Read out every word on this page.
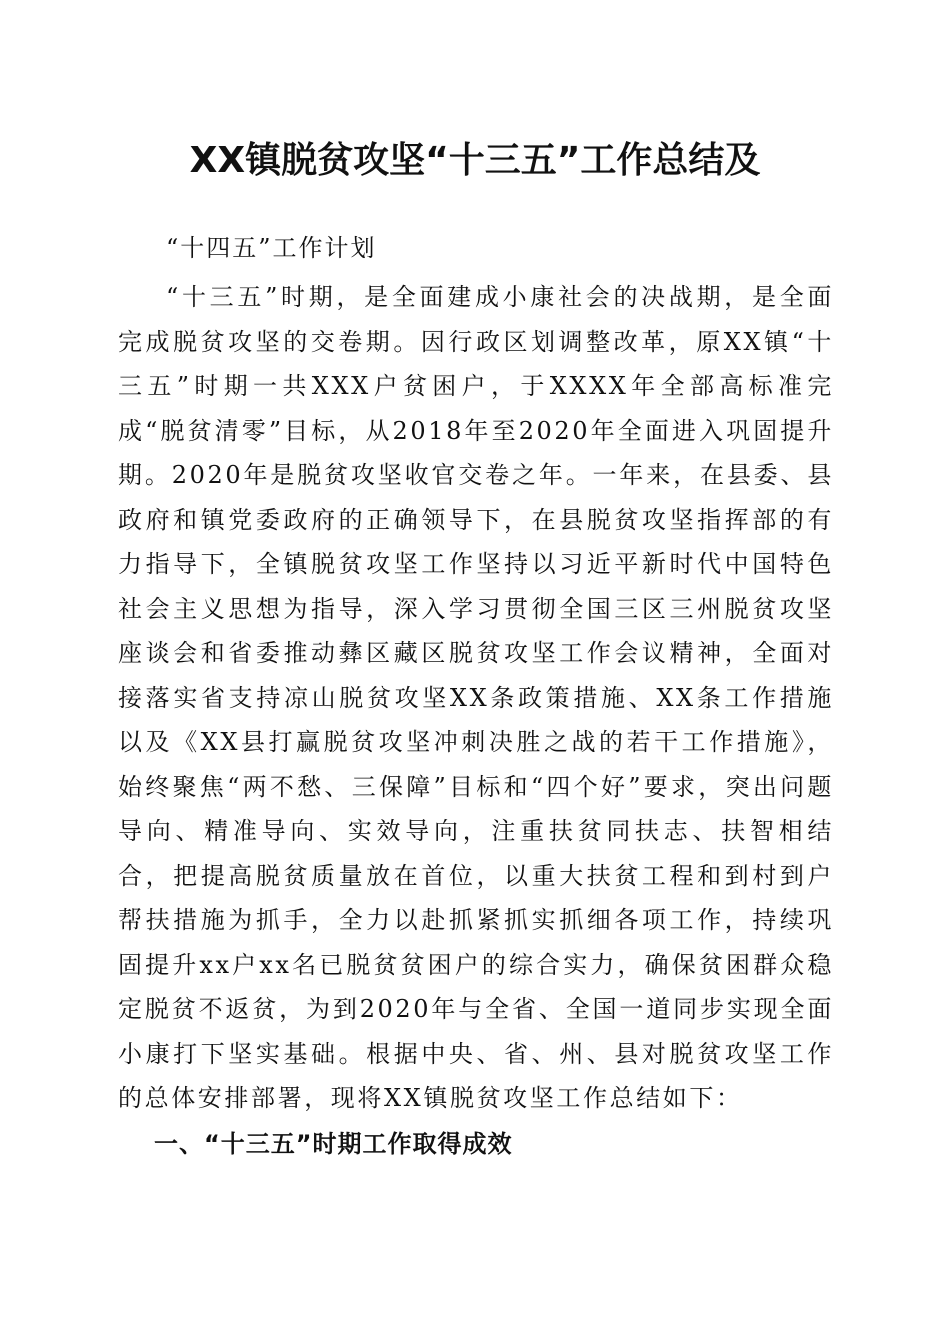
XX镇脱贫攻坚“十三五”工作总结及

“十四五”工作计划

“十三五”时期，是全面建成小康社会的决战期，是全面完成脱贫攻坚的交卷期。因行政区划调整改革，原XX镇“十三五”时期一共XXX户贫困户，于XXXX年全部高标准完成“脱贫清零”目标，从2018年至2020年全面进入巩固提升期。2020年是脱贫攻坚收官交卷之年。一年来，在县委、县政府和镇党委政府的正确领导下，在县脱贫攻坚指挥部的有力指导下，全镇脱贫攻坚工作坚持以习近平新时代中国特色社会主义思想为指导，深入学习贯彻全国三区三州脱贫攻坚座谈会和省委推动彝区藏区脱贫攻坚工作会议精神，全面对接落实省支持凉山脱贫攻坚XX条政策措施、XX条工作措施以及《XX县打赢脱贫攻坚冲刺决胜之战的若干工作措施》，始终聚焦“两不愁、三保障”目标和“四个好”要求，突出问题导向、精准导向、实效导向，注重扶贫同扶志、扶智相结合，把提高脱贫质量放在首位，以重大扶贫工程和到村到户帮扶措施为抓手，全力以赴抓紧抓实抓细各项工作，持续巩固提升xx户xx名已脱贫贫困户的综合实力，确保贫困群众稳定脱贫不返贫，为到2020年与全省、全国一道同步实现全面小康打下坚实基础。根据中央、省、州、县对脱贫攻坚工作的总体安排部署，现将XX镇脱贫攻坚工作总结如下：

一、“十三五”时期工作取得成效
